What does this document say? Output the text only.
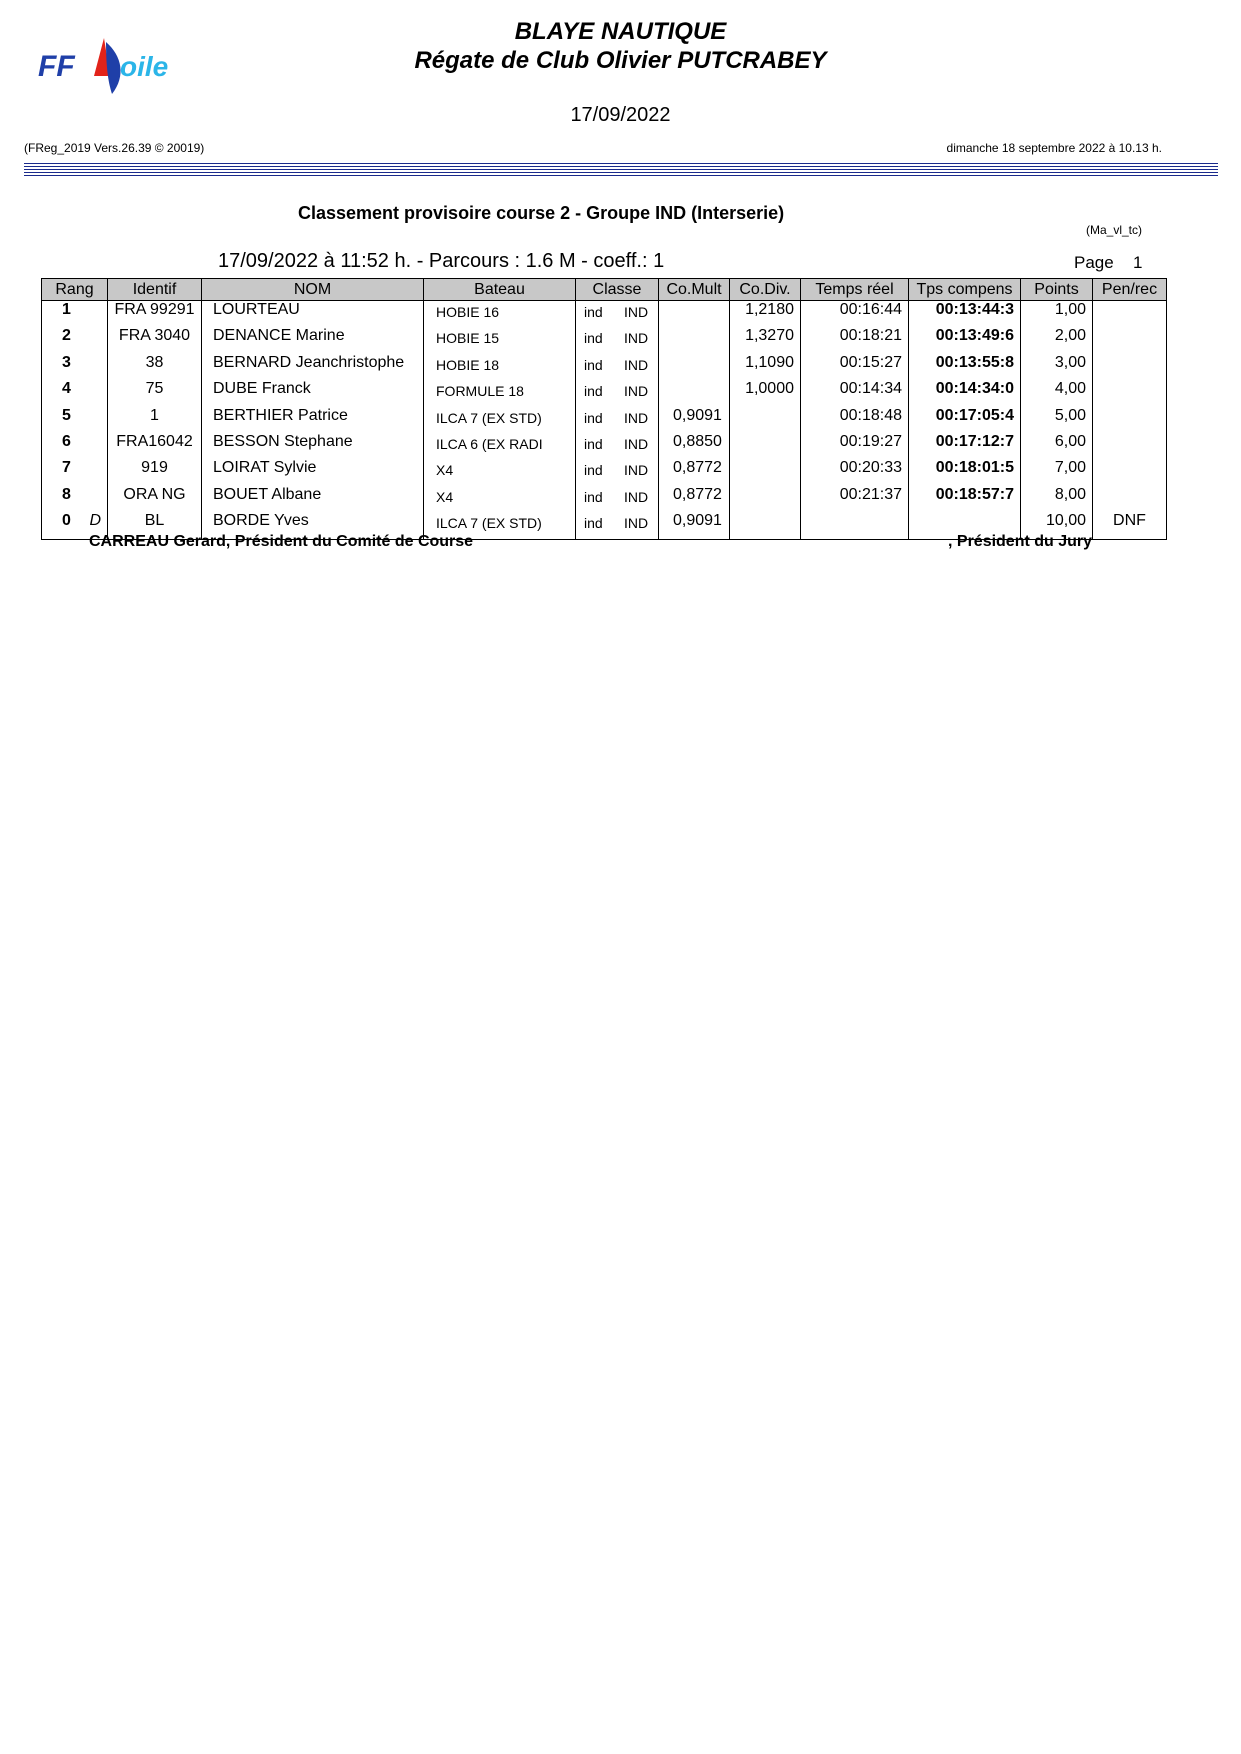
FF oile
BLAYE NAUTIQUE
Régate de Club Olivier PUTCRABEY
17/09/2022
(FReg_2019 Vers.26.39 © 20019)	dimanche 18 septembre 2022 à 10.13 h.
Classement provisoire course 2 - Groupe IND (Interserie)
(Ma_vl_tc)
17/09/2022 à 11:52 h. - Parcours : 1.6 M - coeff.: 1	Page 1
Rang	Identif	NOM	Bateau	Classe	Co.Mult	Co.Div.	Temps réel	Tps compens	Points	Pen/rec
1	FRA 99291	LOURTEAU	HOBIE 16	ind IND		1,2180	00:16:44	00:13:44:3	1,00	
2	FRA 3040	DENANCE Marine	HOBIE 15	ind IND		1,3270	00:18:21	00:13:49:6	2,00	
3	38	BERNARD Jeanchristophe	HOBIE 18	ind IND		1,1090	00:15:27	00:13:55:8	3,00	
4	75	DUBE Franck	FORMULE 18	ind IND		1,0000	00:14:34	00:14:34:0	4,00	
5	1	BERTHIER Patrice	ILCA 7 (EX STD)	ind IND	0,9091		00:18:48	00:17:05:4	5,00	
6	FRA16042	BESSON Stephane	ILCA 6 (EX RADI	ind IND	0,8850		00:19:27	00:17:12:7	6,00	
7	919	LOIRAT Sylvie	X4	ind IND	0,8772		00:20:33	00:18:01:5	7,00	
8	ORA NG	BOUET Albane	X4	ind IND	0,8772		00:21:37	00:18:57:7	8,00	
0 D	BL	BORDE Yves	ILCA 7 (EX STD)	ind IND	0,9091				10,00	DNF
CARREAU Gerard, Président du Comité de Course	, Président du Jury
